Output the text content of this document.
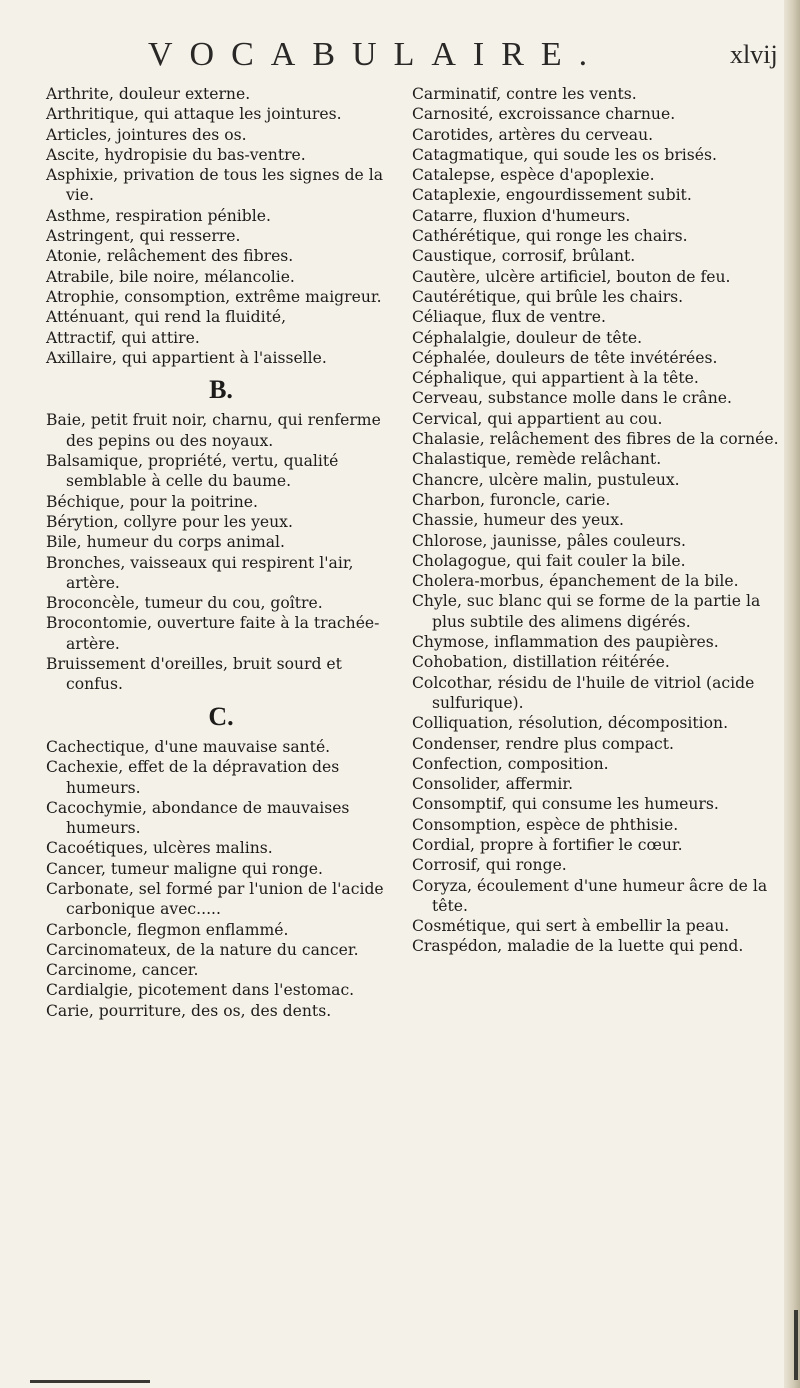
VOCABULAIRE.	xlvij

Arthrite, douleur externe.

Arthritique, qui attaque les jointures.

Articles, jointures des os.

Ascite, hydropisie du bas-ventre.

Asphixie, privation de tous les signes de la vie.

Asthme, respiration pénible.

Astringent, qui resserre.

Atonie, relâchement des fibres.

Atrabile, bile noire, mélancolie.

Atrophie, consomption, extrême maigreur.

Atténuant, qui rend la fluidité,

Attractif, qui attire.

Axillaire, qui appartient à l'aisselle.

B.

Baie, petit fruit noir, charnu, qui renferme des pepins ou des noyaux.

Balsamique, propriété, vertu, qualité semblable à celle du baume.

Béchique, pour la poitrine.

Bérytion, collyre pour les yeux.

Bile, humeur du corps animal.

Bronches, vaisseaux qui respirent l'air, artère.

Broconcèle, tumeur du cou, goître.

Brocontomie, ouverture faite à la trachée-artère.

Bruissement d'oreilles, bruit sourd et confus.

C.

Cachectique, d'une mauvaise santé.

Cachexie, effet de la dépravation des humeurs.

Cacochymie, abondance de mauvaises humeurs.

Cacoétiques, ulcères malins.

Cancer, tumeur maligne qui ronge.

Carbonate, sel formé par l'union de l'acide carbonique avec.....

Carboncle, flegmon enflammé.

Carcinomateux, de la nature du cancer.

Carcinome, cancer.

Cardialgie, picotement dans l'estomac.

Carie, pourriture, des os, des dents.

Carminatif, contre les vents.

Carnosité, excroissance charnue.

Carotides, artères du cerveau.

Catagmatique, qui soude les os brisés.

Catalepse, espèce d'apoplexie.

Cataplexie, engourdissement subit.

Catarre, fluxion d'humeurs.

Cathérétique, qui ronge les chairs.

Caustique, corrosif, brûlant.

Cautère, ulcère artificiel, bouton de feu.

Cautérétique, qui brûle les chairs.

Céliaque, flux de ventre.

Céphalalgie, douleur de tête.

Céphalée, douleurs de tête invétérées.

Céphalique, qui appartient à la tête.

Cerveau, substance molle dans le crâne.

Cervical, qui appartient au cou.

Chalasie, relâchement des fibres de la cornée.

Chalastique, remède relâchant.

Chancre, ulcère malin, pustuleux.

Charbon, furoncle, carie.

Chassie, humeur des yeux.

Chlorose, jaunisse, pâles couleurs.

Cholagogue, qui fait couler la bile.

Cholera-morbus, épanchement de la bile.

Chyle, suc blanc qui se forme de la partie la plus subtile des alimens digérés.

Chymose, inflammation des paupières.

Cohobation, distillation réitérée.

Colcothar, résidu de l'huile de vitriol (acide sulfurique).

Colliquation, résolution, décomposition.

Condenser, rendre plus compact.

Confection, composition.

Consolider, affermir.

Consomptif, qui consume les humeurs.

Consomption, espèce de phthisie.

Cordial, propre à fortifier le cœur.

Corrosif, qui ronge.

Coryza, écoulement d'une humeur âcre de la tête.

Cosmétique, qui sert à embellir la peau.

Craspédon, maladie de la luette qui pend.
